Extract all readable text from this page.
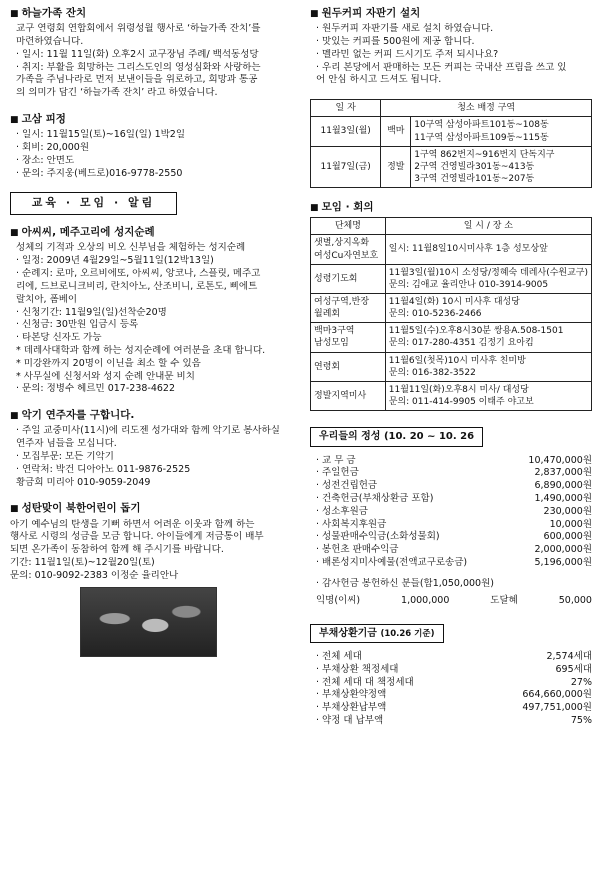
■ 하늘가족 잔치
교구 연령회 연합회에서 위령성월 행사로 ‘하늘가족 잔치’를
마련하였습니다.
· 일시: 11월 11일(화) 오후2시 교구장님 주례/ 백석동성당
· 취지: 부활을 희망하는 그리스도인의 영성심화와 사랑하는
가족을 주님나라로 먼저 보낸이들을 위로하고, 희망과 통공
의 의미가 담긴 ‘하늘가족 잔치’ 라고 하였습니다.
■ 고삼 피정
· 일시: 11월15일(토)~16일(일) 1박2일
· 회비: 20,000원
· 장소: 안면도
· 문의: 주지웅(베드로)016-9778-2550
교육 · 모임 · 알림
■ 아씨씨, 메주고리에 성지순례
성체의 기적과 오상의 비오 신부님을 체험하는 성지순례
· 일정: 2009년 4월29일~5월11일(12박13일)
· 순례지: 로마, 오르비에또, 아씨씨, 앙코나, 스플릿, 메주고
리에, 드브로니크비리, 란치아노, 산조비니, 로톤도, 삐에트
랄치아, 폼베이
· 신청기간: 11월9일(일)선착순20명
· 신청금: 30만원 입금시 등록
· 타본당 신자도 가능
* 데레사대학과 함께 하는 성지순례에 여러분을 초대 합니다.
* 미강완까지 20명이 이닌을 최소 할 수 있음
* 사무실에 신청서와 성지 순례 안내문 비치
· 문의: 정병수 헤르민 017-238-4622
■ 악기 연주자를 구합니다.
· 주일 교중미사(11시)에 리도젠 성가대와 함께 악기로 봉사하실
연주자 님들을 모십니다.
· 모집부문: 모든 기악기
· 연락처: 박건 디아아노 011-9876-2525
황금희 미리아 010-9059-2049
■ 성탄맞이 북한어린이 돕기
아기 예수님의 탄생을 기뻐 하면서 어려운 이웃과 함께 하는
행사로 시령의 성금을 모금 합니다. 아이들에게 저금통이 배부
되면 온가족이 동참하여 함께 해 주시기를 바랍니다.
기간: 11월1일(토)~12월20일(토)
문의: 010-9092-2383 이정순 율리안나
■ 원두커피 자판기 설치
· 원두커피 자판기를 새로 설치 하였습니다.
· 맛있는 커피를 500원에 제공 합니다.
· 멜라민 없는 커피 드시기도 주저 되시나요?
· 우리 본당에서 판매하는 모든 커피는 국내산 프림을 쓰고 있
어 안심 하시고 드셔도 됩니다.
일 자	청소 배정 구역	
11월3일(월)	백마	10구역 삼성아파트101동~108동
11구역 삼성아파트109동~115동

11월7일(금)	정발	1구역 862번지~916번지 단독지구
2구역 건영빌라301동~413동
3구역 건영빌라101동~207동
■ 모임 · 회의
단체명	일 시 / 장 소

샛별,상지옥화
여성Cu자연보호	일시: 11월8일10시미사후 1층 성모상앞

성령기도회	11월3일(월)10시 소성당/정혜숙 데레사(수원교구)
문의: 김애교 율리안나 010-3914-9005

여성구역,반장
월례회	11월4일(화) 10시 미사후 대성당
문의: 010-5236-2466

백마3구역
남성모임	11월5일(수)오후8시30분 쌍용A.508-1501
문의: 017-280-4351 김정기 요아킴

연령회	11월6일(첫목)10시 미사후 친미방
문의: 016-382-3522

정발지역미사	11월11일(화)오후8시 미사/ 대성당
문의: 011-414-9905 이태주 야고보
우리들의 정성 (10. 20 ~ 10. 26
· 교 무 금	10,470,000원
· 주일헌금	2,837,000원
· 성전건립헌금	6,890,000원
· 건축헌금(부채상환금 포함)	1,490,000원
· 성소후원금	230,000원
· 사회복지후원금	10,000원
· 성물판매수익금(소화성물회)	600,000원
· 봉헌초 판매수익금	2,000,000원
· 배론성지미사예물(전액교구로송금)	5,196,000원
· 감사헌금 봉헌하신 분들(합1,050,000원)
익명(이씨)	1,000,000	도달혜	50,000
부채상환기금 (10.26 기준)
· 전체 세대	2,574세대
· 부채상환 책정세대	695세대
· 전체 세대 대 책정세대	27%
· 부채상환약정액	664,660,000원
· 부채상환납부액	497,751,000원
· 약정 대 납부액	75%
